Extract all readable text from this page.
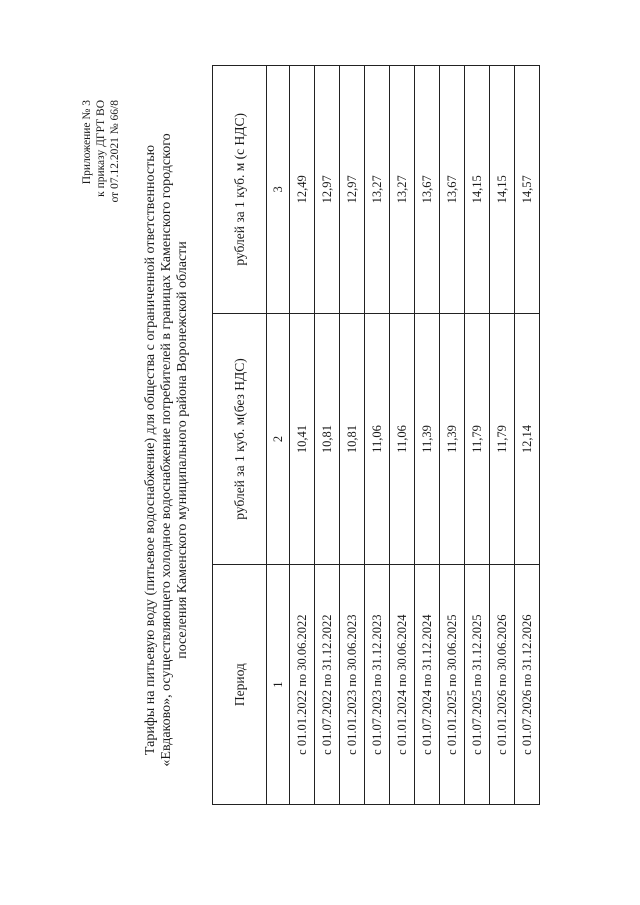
Приложение № 3 к приказу ДГРТ ВО от 07.12.2021 № 66/8 Тарифы на питьевую воду (питьевое водоснабжение) для общества с ограниченной ответственностью «Евдаково», осуществляющего холодное водоснабжение потребителей в границах Каменского городского поселения Каменского муниципального района Воронежской области
Период	рублей за 1 куб. м(без НДС)	рублей за 1 куб. м (с НДС)
1	2	3
с 01.01.2022 по 30.06.2022	10,41	12,49
с 01.07.2022 по 31.12.2022	10,81	12,97
с 01.01.2023 по 30.06.2023	10,81	12,97
с 01.07.2023 по 31.12.2023	11,06	13,27
с 01.01.2024 по 30.06.2024	11,06	13,27
с 01.07.2024 по 31.12.2024	11,39	13,67
с 01.01.2025 по 30.06.2025	11,39	13,67
с 01.07.2025 по 31.12.2025	11,79	14,15
с 01.01.2026 по 30.06.2026	11,79	14,15
с 01.07.2026 по 31.12.2026	12,14	14,57
